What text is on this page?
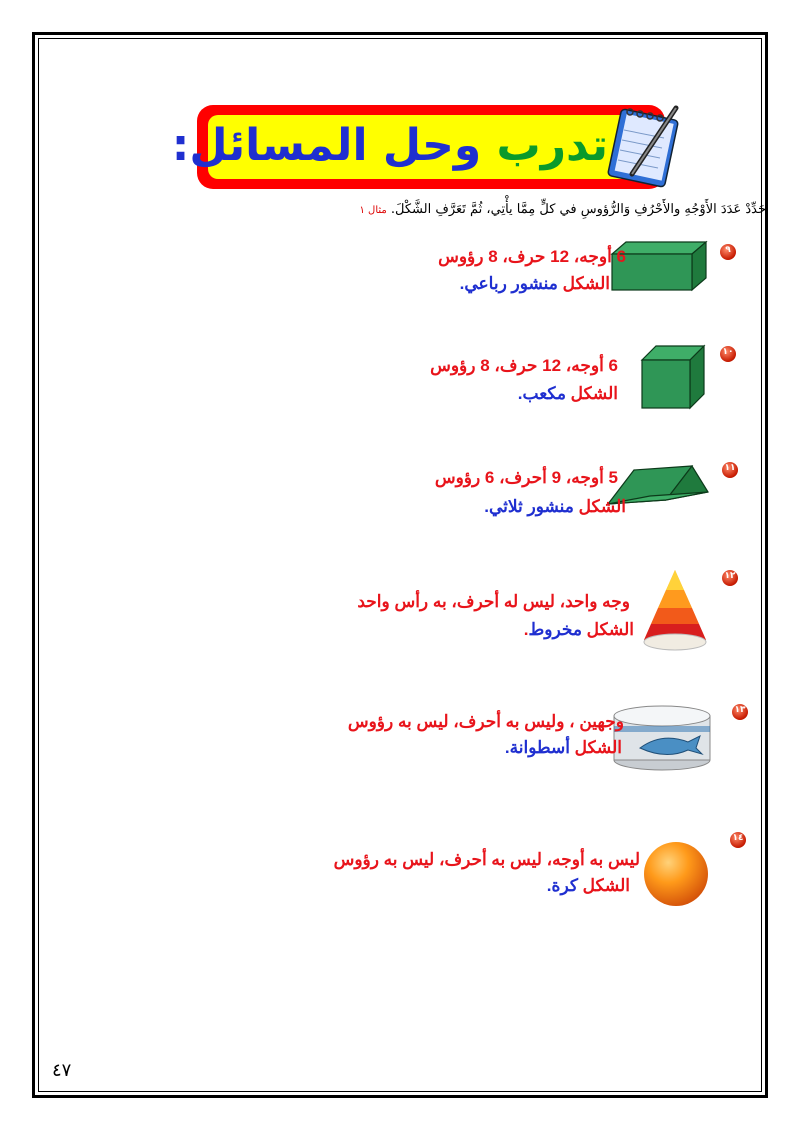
تدرب وحل المسائل:
حَدِّدْ عَدَدَ الأَوْجُهِ والأَحْرُفِ وَالرُّؤوسِ في كلٍّ مِمَّا يأْتِي، ثُمَّ تَعَرَّفِ الشَّكْلَ. مثال ١
٩
6 أوجه، 12 حرف، 8 رؤوس
الشكل منشور رباعي.
١٠
6 أوجه، 12 حرف، 8 رؤوس
الشكل مكعب.
١١
5 أوجه، 9 أحرف، 6 رؤوس
الشكل منشور ثلاثي.
١٢
وجه واحد، ليس له أحرف، به رأس واحد
الشكل مخروط.
١٣
وجهين ، وليس به أحرف، ليس به رؤوس
الشكل أسطوانة.
١٤
ليس به أوجه، ليس به أحرف، ليس به رؤوس
الشكل كرة.
٤٧
